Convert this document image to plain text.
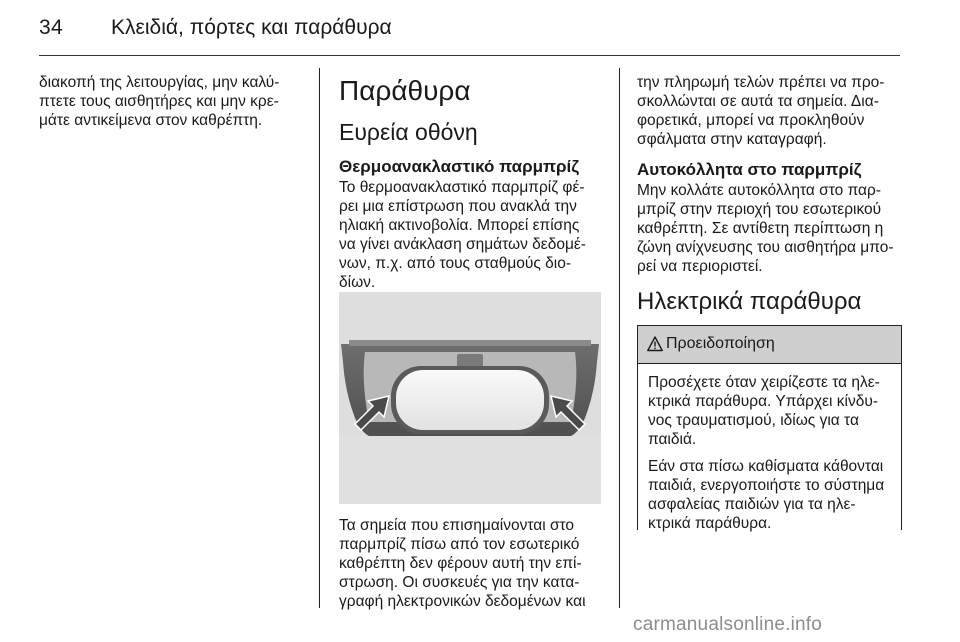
34 Κλειδιά, πόρτες και παράθυρα

διακοπή της λειτουργίας, μην καλύ-
πτετε τους αισθητήρες και μην κρε-
μάτε αντικείμενα στον καθρέπτη.

Παράθυρα
Ευρεία οθόνη
Θερμοανακλαστικό παρμπρίζ

Το θερμοανακλαστικό παρμπρίζ φέ-
ρει μια επίστρωση που ανακλά την
ηλιακή ακτινοβολία. Μπορεί επίσης
να γίνει ανάκλαση σημάτων δεδομέ-
νων, π.χ. από τους σταθμούς διο-
δίων.

Τα σημεία που επισημαίνονται στο
παρμπρίζ πίσω από τον εσωτερικό
καθρέπτη δεν φέρουν αυτή την επί-
στρωση. Οι συσκευές για την κατα-
γραφή ηλεκτρονικών δεδομένων και

την πληρωμή τελών πρέπει να προ-
σκολλώνται σε αυτά τα σημεία. Δια-
φορετικά, μπορεί να προκληθούν
σφάλματα στην καταγραφή.

Αυτοκόλλητα στο παρμπρίζ

Μην κολλάτε αυτοκόλλητα στο παρ-
μπρίζ στην περιοχή του εσωτερικού
καθρέπτη. Σε αντίθετη περίπτωση η
ζώνη ανίχνευσης του αισθητήρα μπο-
ρεί να περιοριστεί.

Ηλεκτρικά παράθυρα
Προειδοποίηση

Προσέχετε όταν χειρίζεστε τα ηλε-
κτρικά παράθυρα. Υπάρχει κίνδυ-
νος τραυματισμού, ιδίως για τα
παιδιά.

Εάν στα πίσω καθίσματα κάθονται
παιδιά, ενεργοποιήστε το σύστημα
ασφαλείας παιδιών για τα ηλε-
κτρικά παράθυρα.

carmanualsonline.info
